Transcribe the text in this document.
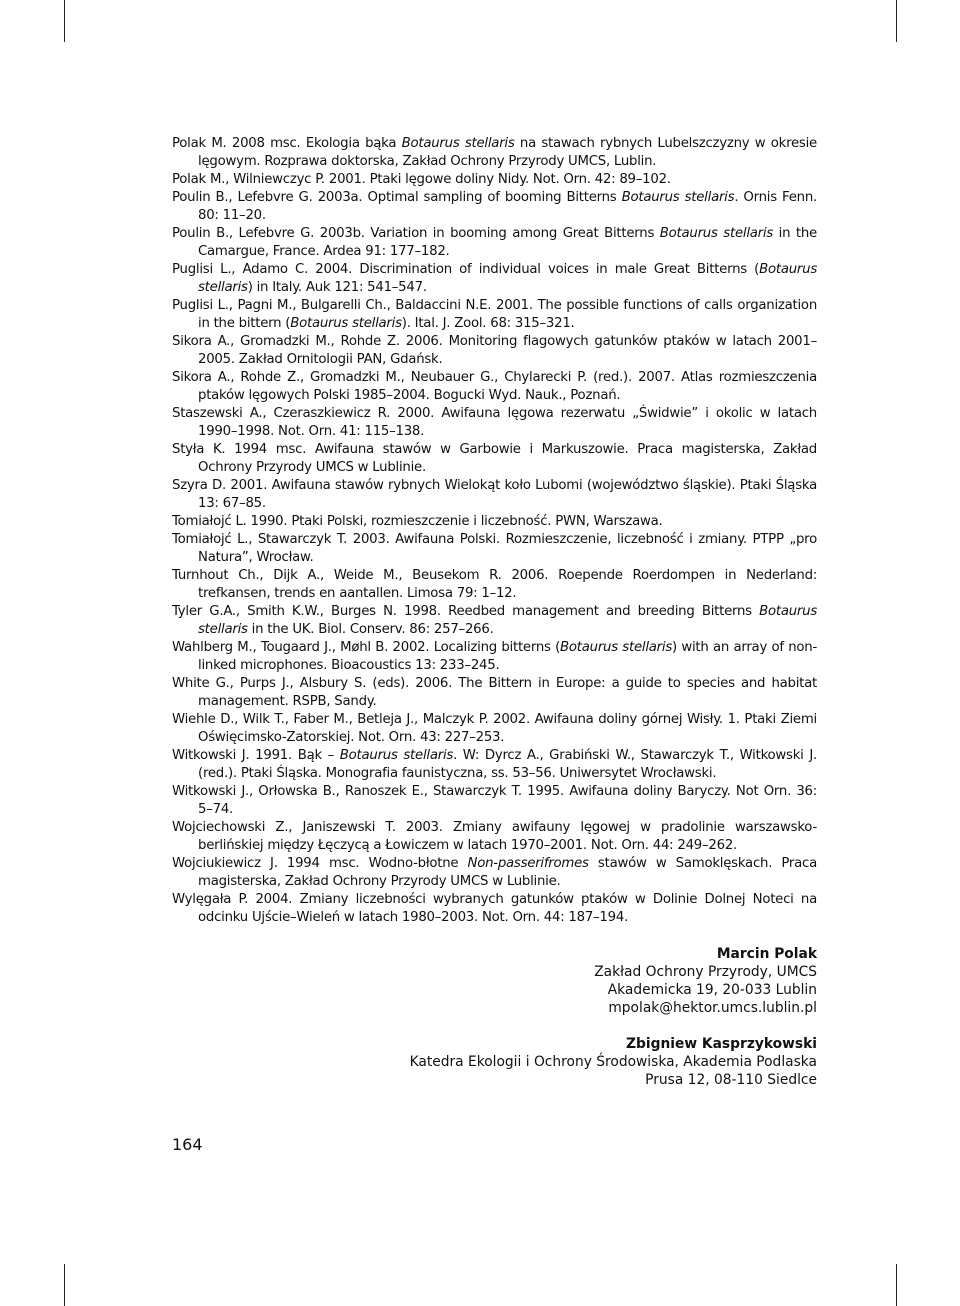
Polak M. 2008 msc. Ekologia bąka Botaurus stellaris na stawach rybnych Lubelszczyzny w okresie lęgowym. Rozprawa doktorska, Zakład Ochrony Przyrody UMCS, Lublin.
Polak M., Wilniewczyc P. 2001. Ptaki lęgowe doliny Nidy. Not. Orn. 42: 89–102.
Poulin B., Lefebvre G. 2003a. Optimal sampling of booming Bitterns Botaurus stellaris. Ornis Fenn. 80: 11–20.
Poulin B., Lefebvre G. 2003b. Variation in booming among Great Bitterns Botaurus stellaris in the Camargue, France. Ardea 91: 177–182.
Puglisi L., Adamo C. 2004. Discrimination of individual voices in male Great Bitterns (Botaurus stellaris) in Italy. Auk 121: 541–547.
Puglisi L., Pagni M., Bulgarelli Ch., Baldaccini N.E. 2001. The possible functions of calls organization in the bittern (Botaurus stellaris). Ital. J. Zool. 68: 315–321.
Sikora A., Gromadzki M., Rohde Z. 2006. Monitoring flagowych gatunków ptaków w latach 2001–2005. Zakład Ornitologii PAN, Gdańsk.
Sikora A., Rohde Z., Gromadzki M., Neubauer G., Chylarecki P. (red.). 2007. Atlas rozmieszczenia ptaków lęgowych Polski 1985–2004. Bogucki Wyd. Nauk., Poznań.
Staszewski A., Czeraszkiewicz R. 2000. Awifauna lęgowa rezerwatu „Świdwie” i okolic w latach 1990–1998. Not. Orn. 41: 115–138.
Styła K. 1994 msc. Awifauna stawów w Garbowie i Markuszowie. Praca magisterska, Zakład Ochrony Przyrody UMCS w Lublinie.
Szyra D. 2001. Awifauna stawów rybnych Wielokąt koło Lubomi (województwo śląskie). Ptaki Śląska 13: 67–85.
Tomiałojć L. 1990. Ptaki Polski, rozmieszczenie i liczebność. PWN, Warszawa.
Tomiałojć L., Stawarczyk T. 2003. Awifauna Polski. Rozmieszczenie, liczebność i zmiany. PTPP „pro Natura”, Wrocław.
Turnhout Ch., Dijk A., Weide M., Beusekom R. 2006. Roepende Roerdompen in Nederland: trefkansen, trends en aantallen. Limosa 79: 1–12.
Tyler G.A., Smith K.W., Burges N. 1998. Reedbed management and breeding Bitterns Botaurus stellaris in the UK. Biol. Conserv. 86: 257–266.
Wahlberg M., Tougaard J., Møhl B. 2002. Localizing bitterns (Botaurus stellaris) with an array of non-linked microphones. Bioacoustics 13: 233–245.
White G., Purps J., Alsbury S. (eds). 2006. The Bittern in Europe: a guide to species and habitat management. RSPB, Sandy.
Wiehle D., Wilk T., Faber M., Betleja J., Malczyk P. 2002. Awifauna doliny górnej Wisły. 1. Ptaki Ziemi Oświęcimsko-Zatorskiej. Not. Orn. 43: 227–253.
Witkowski J. 1991. Bąk – Botaurus stellaris. W: Dyrcz A., Grabiński W., Stawarczyk T., Witkowski J. (red.). Ptaki Śląska. Monografia faunistyczna, ss. 53–56. Uniwersytet Wrocławski.
Witkowski J., Orłowska B., Ranoszek E., Stawarczyk T. 1995. Awifauna doliny Baryczy. Not Orn. 36: 5–74.
Wojciechowski Z., Janiszewski T. 2003. Zmiany awifauny lęgowej w pradolinie warszawsko-berlińskiej między Łęczycą a Łowiczem w latach 1970–2001. Not. Orn. 44: 249–262.
Wojciukiewicz J. 1994 msc. Wodno-błotne Non-passerifromes stawów w Samoklęskach. Praca magisterska, Zakład Ochrony Przyrody UMCS w Lublinie.
Wylęgała P. 2004. Zmiany liczebności wybranych gatunków ptaków w Dolinie Dolnej Noteci na odcinku Ujście–Wieleń w latach 1980–2003. Not. Orn. 44: 187–194.
Marcin Polak
Zakład Ochrony Przyrody, UMCS
Akademicka 19, 20-033 Lublin
mpolak@hektor.umcs.lublin.pl
Zbigniew Kasprzykowski
Katedra Ekologii i Ochrony Środowiska, Akademia Podlaska
Prusa 12, 08-110 Siedlce
164
